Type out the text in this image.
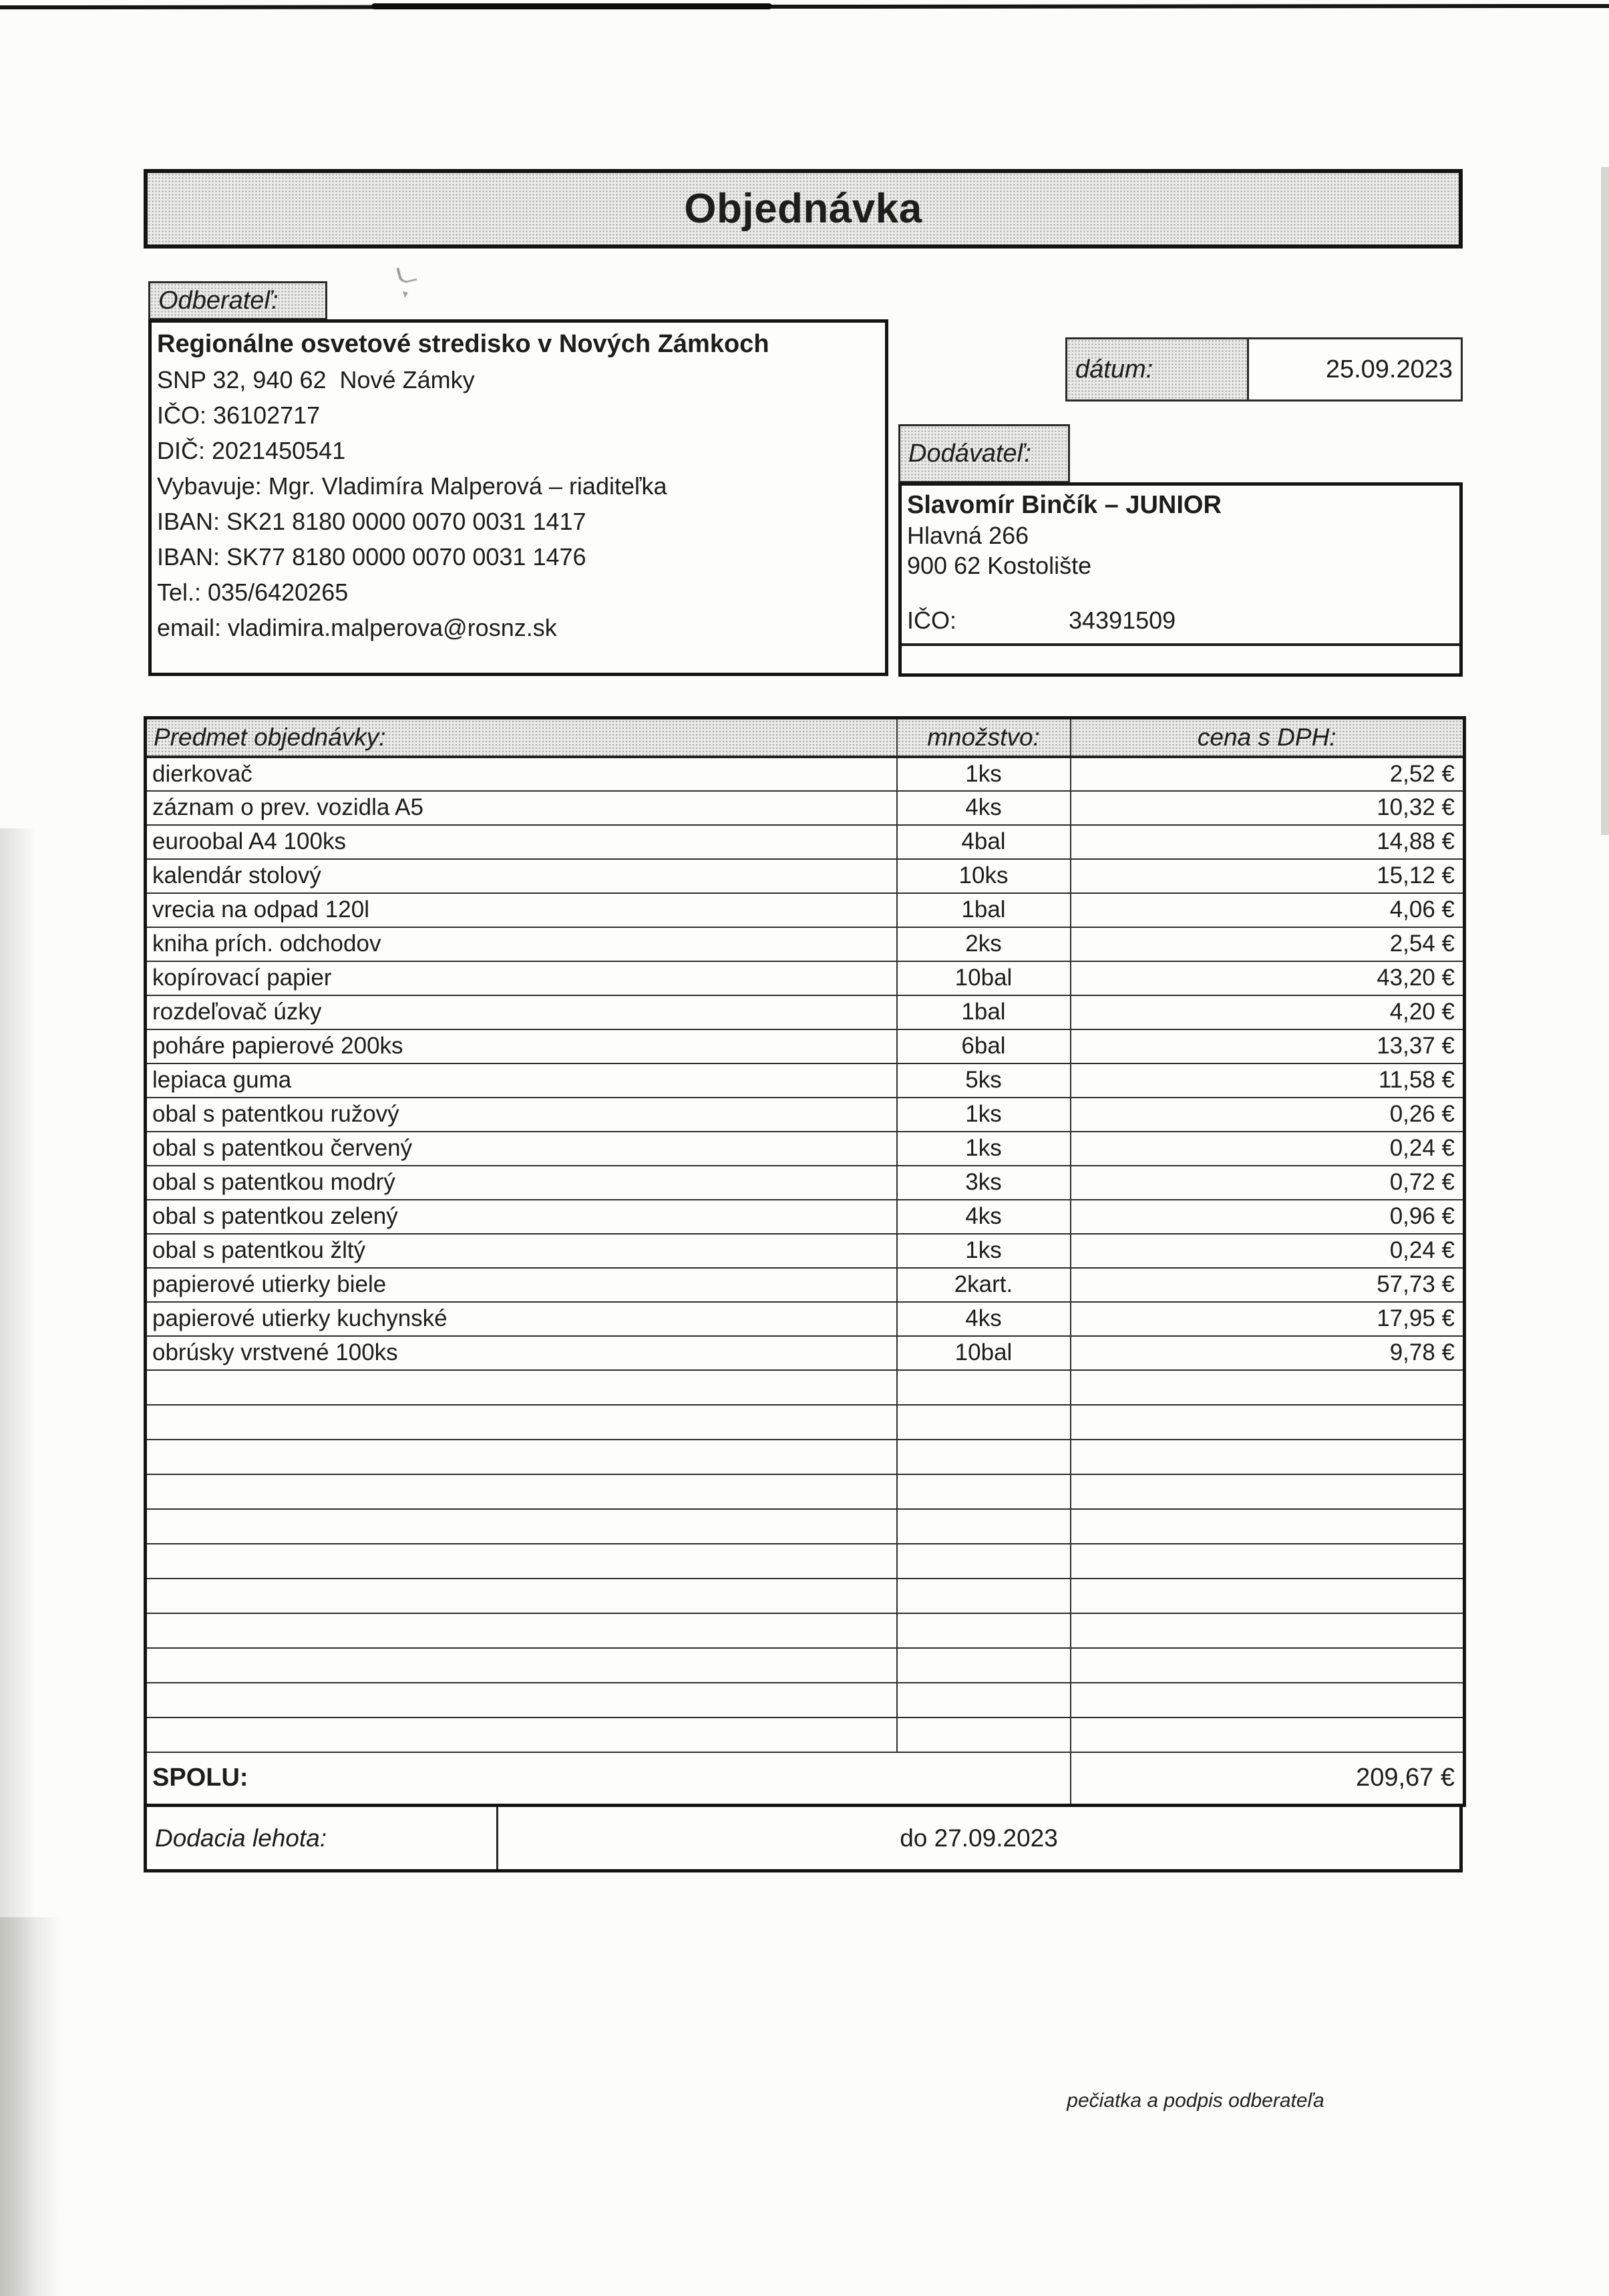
Objednávka
Odberateľ:
Regionálne osvetové stredisko v Nových Zámkoch
SNP 32, 940 62  Nové Zámky
IČO: 36102717
DIČ: 2021450541
Vybavuje: Mgr. Vladimíra Malperová – riaditeľka
IBAN: SK21 8180 0000 0070 0031 1417
IBAN: SK77 8180 0000 0070 0031 1476
Tel.: 035/6420265
email: vladimira.malperova@rosnz.sk
dátum:	25.09.2023
Dodávateľ:
Slavomír Binčík – JUNIOR
Hlavná 266
900 62 Kostolište
IČO:	34391509
Predmet objednávky:	množstvo:	cena s DPH:
dierkovač	1ks	2,52 €
záznam o prev. vozidla A5	4ks	10,32 €
euroobal A4 100ks	4bal	14,88 €
kalendár stolový	10ks	15,12 €
vrecia na odpad 120l	1bal	4,06 €
kniha prích. odchodov	2ks	2,54 €
kopírovací papier	10bal	43,20 €
rozdeľovač úzky	1bal	4,20 €
poháre papierové 200ks	6bal	13,37 €
lepiaca guma	5ks	11,58 €
obal s patentkou ružový	1ks	0,26 €
obal s patentkou červený	1ks	0,24 €
obal s patentkou modrý	3ks	0,72 €
obal s patentkou zelený	4ks	0,96 €
obal s patentkou žltý	1ks	0,24 €
papierové utierky biele	2kart.	57,73 €
papierové utierky kuchynské	4ks	17,95 €
obrúsky vrstvené 100ks	10bal	9,78 €

SPOLU:		209,67 €
Dodacia lehota:	do 27.09.2023
pečiatka a podpis odberateľa
